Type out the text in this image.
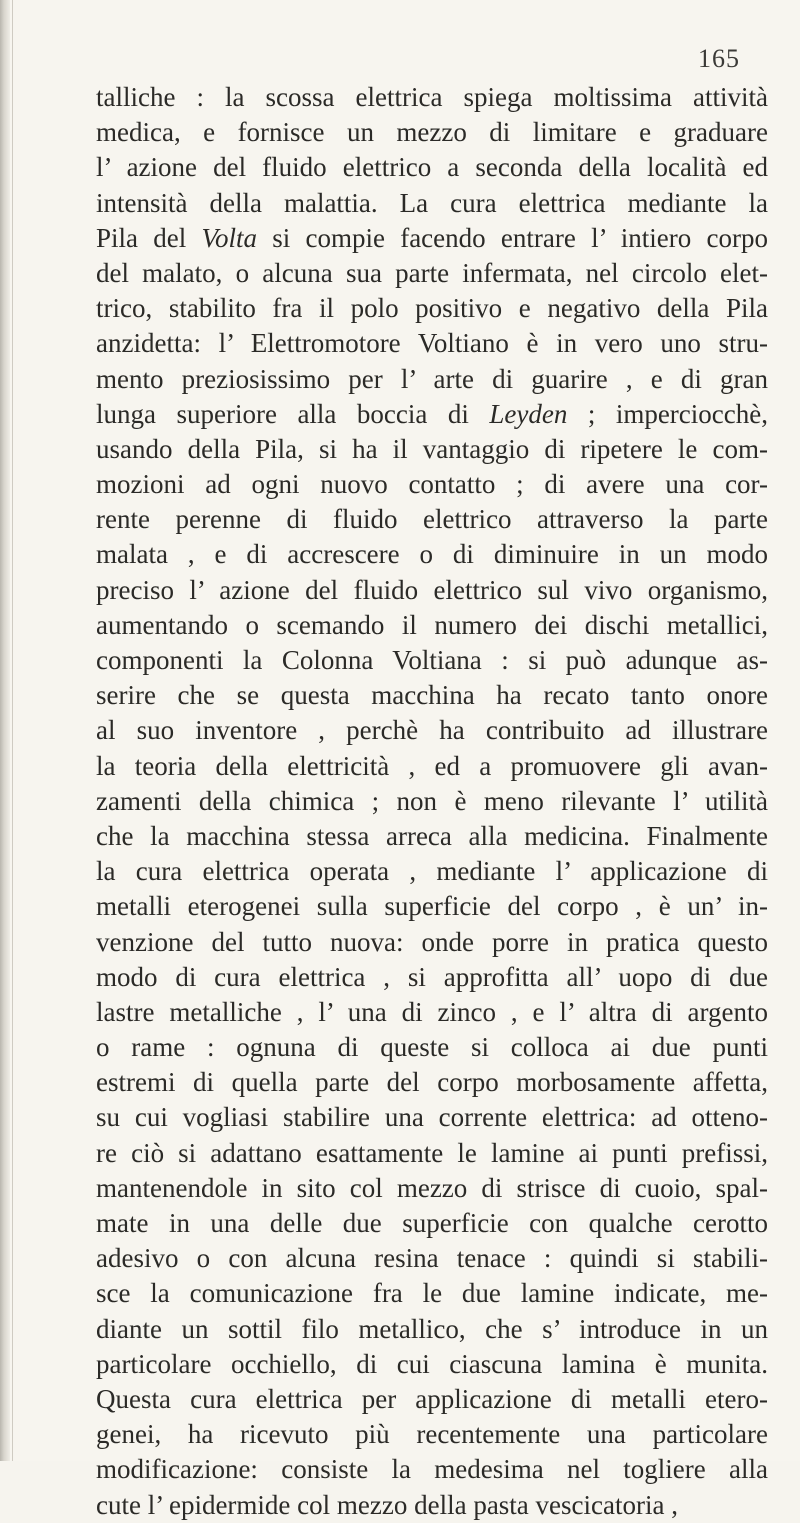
165
talliche : la scossa elettrica spiega moltissima attività
medica, e fornisce un mezzo di limitare e graduare
l’ azione del fluido elettrico a seconda della località ed
intensità della malattia. La cura elettrica mediante la
Pila del Volta si compie facendo entrare l’ intiero corpo
del malato, o alcuna sua parte infermata, nel circolo elet-
trico, stabilito fra il polo positivo e negativo della Pila
anzidetta: l’ Elettromotore Voltiano è in vero uno stru-
mento preziosissimo per l’ arte di guarire , e di gran
lunga superiore alla boccia di Leyden ; imperciocchè,
usando della Pila, si ha il vantaggio di ripetere le com-
mozioni ad ogni nuovo contatto ; di avere una cor-
rente perenne di fluido elettrico attraverso la parte
malata , e di accrescere o di diminuire in un modo
preciso l’ azione del fluido elettrico sul vivo organismo,
aumentando o scemando il numero dei dischi metallici,
componenti la Colonna Voltiana : si può adunque as-
serire che se questa macchina ha recato tanto onore
al suo inventore , perchè ha contribuito ad illustrare
la teoria della elettricità , ed a promuovere gli avan-
zamenti della chimica ; non è meno rilevante l’ utilità
che la macchina stessa arreca alla medicina. Finalmente
la cura elettrica operata , mediante l’ applicazione di
metalli eterogenei sulla superficie del corpo , è un’ in-
venzione del tutto nuova: onde porre in pratica questo
modo di cura elettrica , si approfitta all’ uopo di due
lastre metalliche , l’ una di zinco , e l’ altra di argento
o rame : ognuna di queste si colloca ai due punti
estremi di quella parte del corpo morbosamente affetta,
su cui vogliasi stabilire una corrente elettrica: ad otteno-
re ciò si adattano esattamente le lamine ai punti prefissi,
mantenendole in sito col mezzo di strisce di cuoio, spal-
mate in una delle due superficie con qualche cerotto
adesivo o con alcuna resina tenace : quindi si stabili-
sce la comunicazione fra le due lamine indicate, me-
diante un sottil filo metallico, che s’ introduce in un
particolare occhiello, di cui ciascuna lamina è munita.
Questa cura elettrica per applicazione di metalli etero-
genei, ha ricevuto più recentemente una particolare
modificazione: consiste la medesima nel togliere alla
cute l’ epidermide col mezzo della pasta vescicatoria ,
